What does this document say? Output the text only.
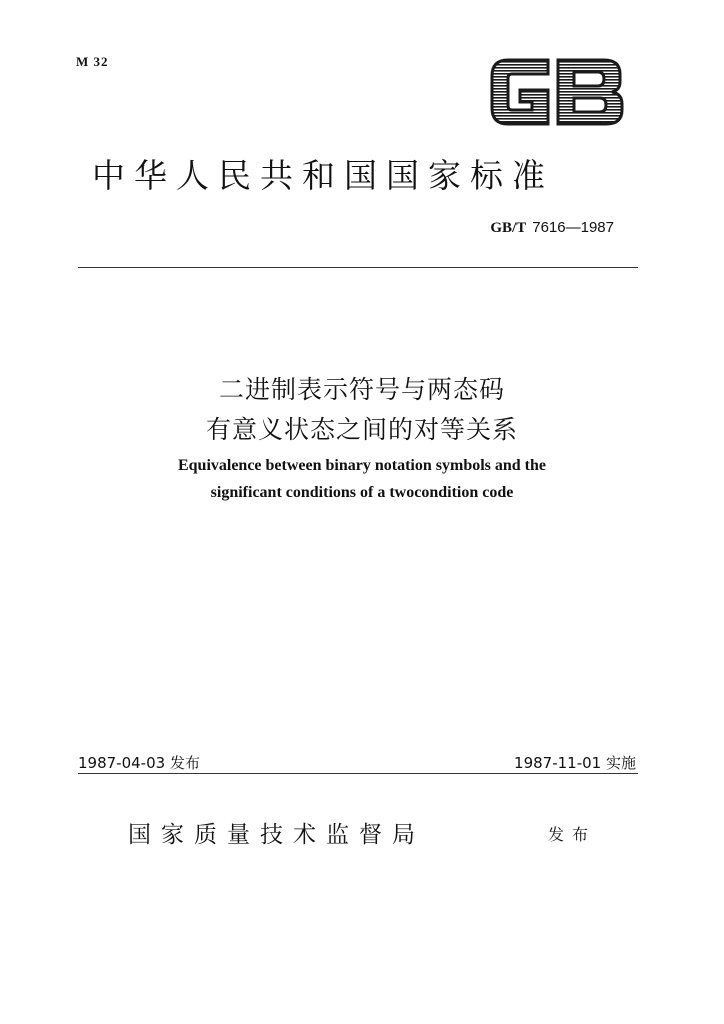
M 32
中华人民共和国国家标准
GB/T 7616—1987
二进制表示符号与两态码
有意义状态之间的对等关系
Equivalence between binary notation symbols and the
significant conditions of a twocondition code
1987-04-03 发布	1987-11-01 实施
国家质量技术监督局	发布
